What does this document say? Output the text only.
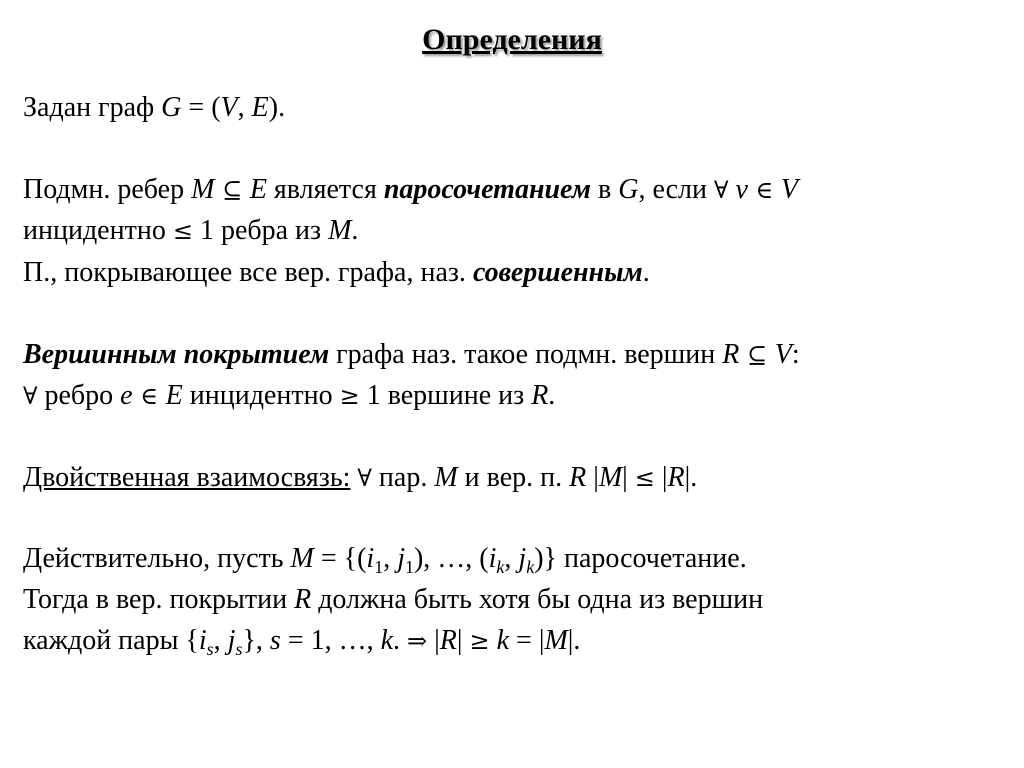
Определения
Задан граф G = (V, E).
Подмн. ребер M ⊆ E является паросочетанием в G, если ∀ v ∈ V
инцидентно ≤ 1 ребра из M.
П., покрывающее все вер. графа, наз. совершенным.
Вершинным покрытием графа наз. такое подмн. вершин R ⊆ V:
∀ ребро e ∈ E инцидентно ≥ 1 вершине из R.
Двойственная взаимосвязь: ∀ пар. M и вер. п. R |M| ≤ |R|.
Действительно, пусть $M = \{(i_1$, $j_1$), …, ($i_k$, $j_k$)} паросочетание.
Тогда в вер. покрытии R должна быть хотя бы одна из вершин
каждой пары {$i_s$, $j_s$}, s = 1, …, k. ⇒ |R| ≥ k = |M|.
